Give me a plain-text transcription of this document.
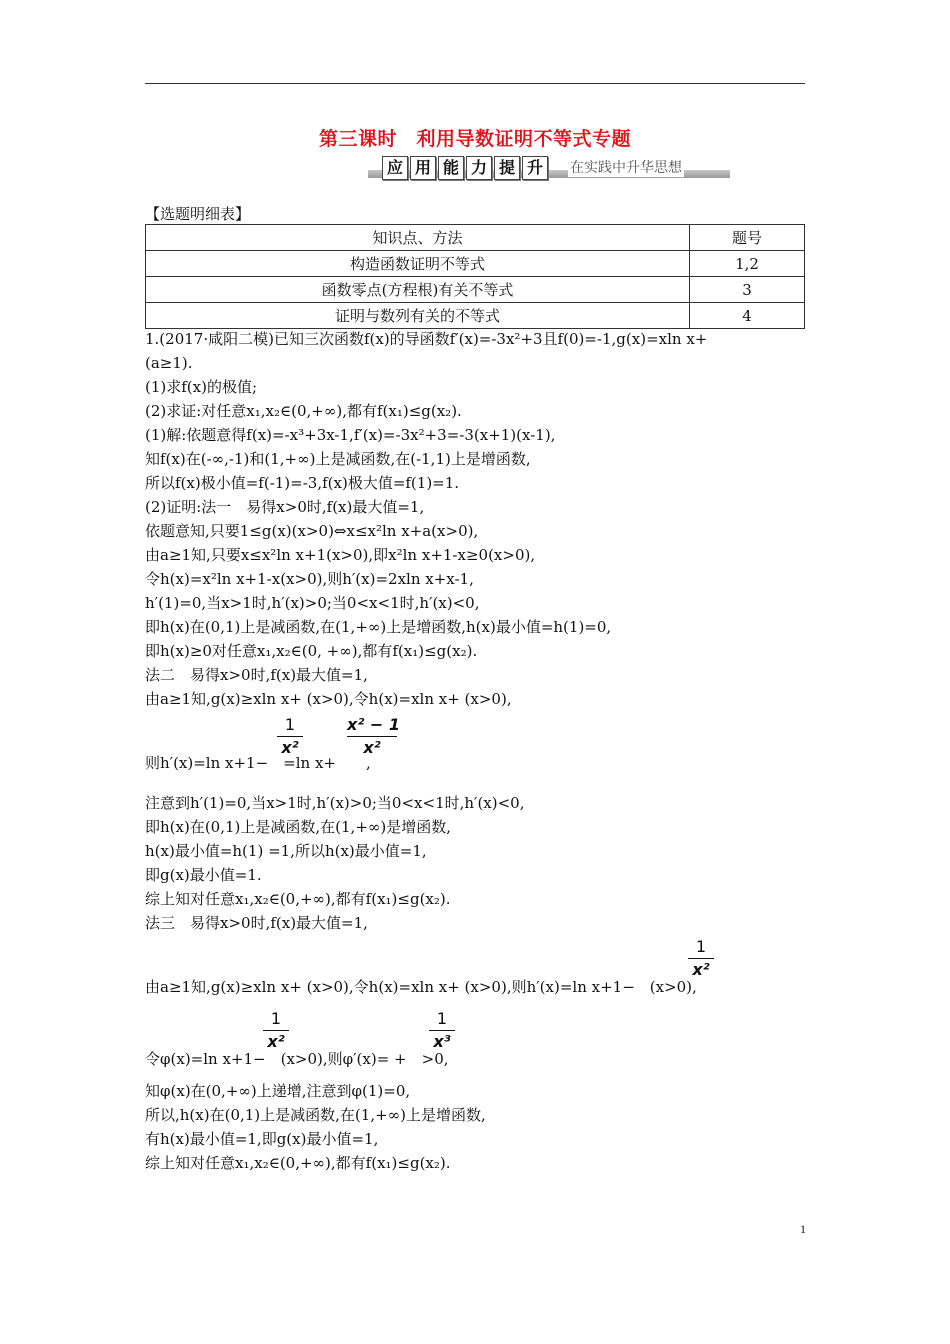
第三课时　利用导数证明不等式专题
应 用 能 力 提 升	在实践中升华思想
【选题明细表】
知识点、方法	题号
构造函数证明不等式	1,2
函数零点(方程根)有关不等式	3
证明与数列有关的不等式	4
1.(2017·咸阳二模)已知三次函数f(x)的导函数f′(x)=-3x²+3且f(0)=-1,g(x)=xln x+
(a≥1).
(1)求f(x)的极值;
(2)求证:对任意x₁,x₂∈(0,+∞),都有f(x₁)≤g(x₂).
(1)解:依题意得f(x)=-x³+3x-1,f′(x)=-3x²+3=-3(x+1)(x-1),
知f(x)在(-∞,-1)和(1,+∞)上是减函数,在(-1,1)上是增函数,
所以f(x)极小值=f(-1)=-3,f(x)极大值=f(1)=1.
(2)证明:法一　易得x>0时,f(x)最大值=1,
依题意知,只要1≤g(x)(x>0)⇔x≤x²ln x+a(x>0),
由a≥1知,只要x≤x²ln x+1(x>0),即x²ln x+1-x≥0(x>0),
令h(x)=x²ln x+1-x(x>0),则h′(x)=2xln x+x-1,
h′(1)=0,当x>1时,h′(x)>0;当0<x<1时,h′(x)<0,
即h(x)在(0,1)上是减函数,在(1,+∞)上是增函数,h(x)最小值=h(1)=0,
即h(x)≥0对任意x₁,x₂∈(0, +∞),都有f(x₁)≤g(x₂).
法二　易得x>0时,f(x)最大值=1,
由a≥1知,g(x)≥xln x+ (x>0),令h(x)=xln x+ (x>0),
1
x²
x² − 1
x²
则h′(x)=ln x+1−　=ln x+　　,
注意到h′(1)=0,当x>1时,h′(x)>0;当0<x<1时,h′(x)<0,
即h(x)在(0,1)上是减函数,在(1,+∞)是增函数,
h(x)最小值=h(1) =1,所以h(x)最小值=1,
即g(x)最小值=1.
综上知对任意x₁,x₂∈(0,+∞),都有f(x₁)≤g(x₂).
法三　易得x>0时,f(x)最大值=1,
1
x²
由a≥1知,g(x)≥xln x+ (x>0),令h(x)=xln x+ (x>0),则h′(x)=ln x+1−　(x>0),
1
x²
1
x³
令φ(x)=ln x+1−　(x>0),则φ′(x)= +　>0,
知φ(x)在(0,+∞)上递增,注意到φ(1)=0,
所以,h(x)在(0,1)上是减函数,在(1,+∞)上是增函数,
有h(x)最小值=1,即g(x)最小值=1,
综上知对任意x₁,x₂∈(0,+∞),都有f(x₁)≤g(x₂).
1
